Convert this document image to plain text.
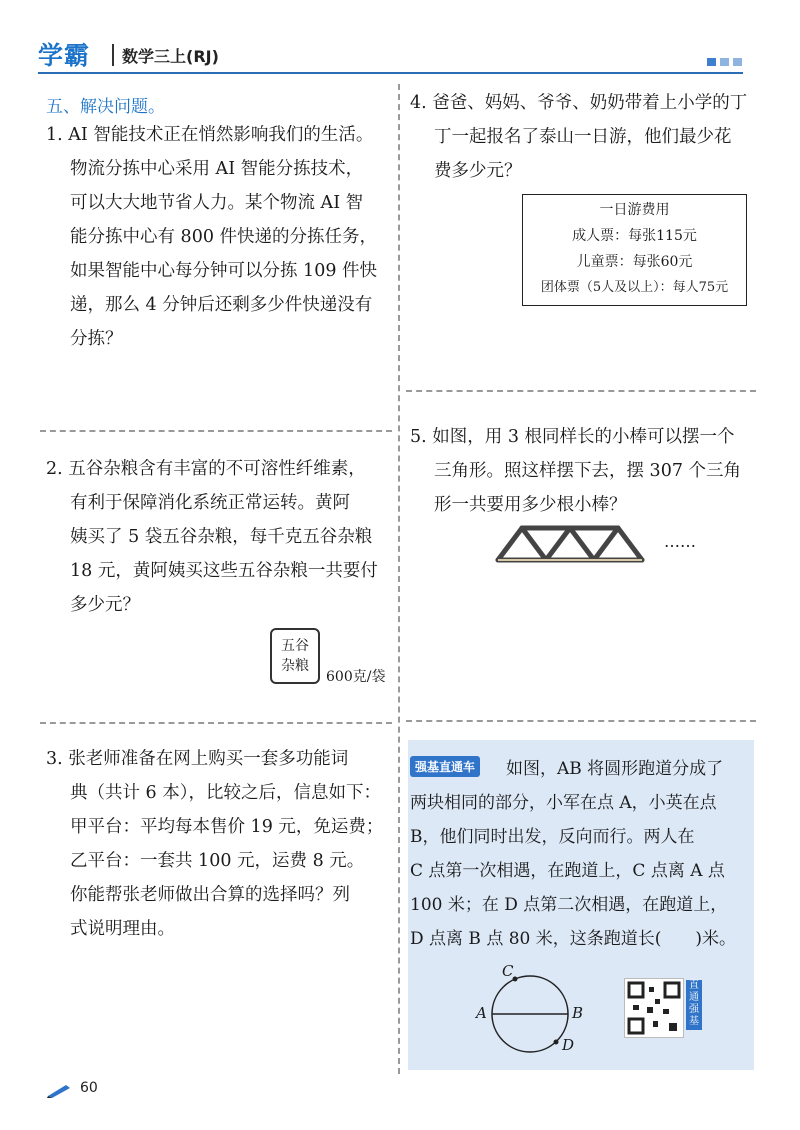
学霸 数学三上(RJ)
五、解决问题。
1. AI 智能技术正在悄然影响我们的生活。
物流分拣中心采用 AI 智能分拣技术，
可以大大地节省人力。某个物流 AI 智
能分拣中心有 800 件快递的分拣任务，
如果智能中心每分钟可以分拣 109 件快
递，那么 4 分钟后还剩多少件快递没有
分拣？
2. 五谷杂粮含有丰富的不可溶性纤维素，
有利于保障消化系统正常运转。黄阿
姨买了 5 袋五谷杂粮，每千克五谷杂粮
18 元，黄阿姨买这些五谷杂粮一共要付
多少元？
五谷
杂粮
600克/袋
3. 张老师准备在网上购买一套多功能词
典（共计 6 本），比较之后，信息如下：
甲平台：平均每本售价 19 元，免运费；
乙平台：一套共 100 元，运费 8 元。
你能帮张老师做出合算的选择吗？列
式说明理由。
4. 爸爸、妈妈、爷爷、奶奶带着上小学的丁
丁一起报名了泰山一日游，他们最少花
费多少元？
一日游费用
成人票：每张115元
儿童票：每张60元
团体票（5人及以上）：每人75元
5. 如图，用 3 根同样长的小棒可以摆一个
三角形。照这样摆下去，摆 307 个三角
形一共要用多少根小棒？
……
强基直通车	如图，AB 将圆形跑道分成了
两块相同的部分，小军在点 A，小英在点
B，他们同时出发，反向而行。两人在
C 点第一次相遇，在跑道上，C 点离 A 点
100 米；在 D 点第二次相遇，在跑道上，
D 点离 B 点 80 米，这条跑道长(　　)米。
C
A	B
D
直通强基
60
